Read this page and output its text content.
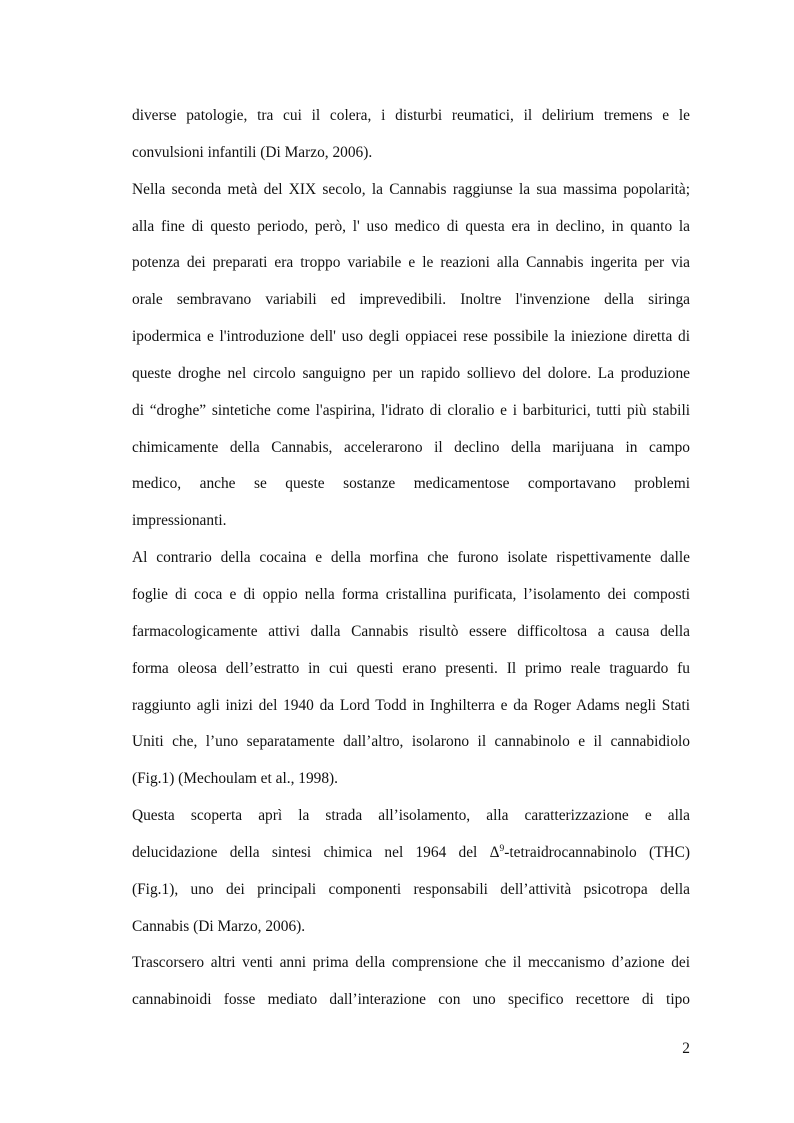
diverse patologie, tra cui il colera, i disturbi reumatici, il delirium tremens e le
convulsioni infantili (Di Marzo, 2006).
Nella seconda metà del XIX secolo, la Cannabis raggiunse la sua massima popolarità;
alla fine di questo periodo, però, l' uso medico di questa era in declino, in quanto la
potenza dei preparati era troppo variabile e le reazioni alla Cannabis ingerita per via
orale sembravano variabili ed imprevedibili. Inoltre l'invenzione della siringa
ipodermica e l'introduzione dell' uso degli oppiacei rese possibile la iniezione diretta di
queste droghe nel circolo sanguigno per un rapido sollievo del dolore. La produzione
di “droghe” sintetiche come l'aspirina, l'idrato di cloralio e i barbiturici, tutti più stabili
chimicamente della Cannabis, accelerarono il declino della marijuana in campo
medico, anche se queste sostanze medicamentose comportavano problemi
impressionanti.
Al contrario della cocaina e della morfina che furono isolate rispettivamente dalle
foglie di coca e di oppio nella forma cristallina purificata, l’isolamento dei composti
farmacologicamente attivi dalla Cannabis risultò essere difficoltosa a causa della
forma oleosa dell’estratto in cui questi erano presenti. Il primo reale traguardo fu
raggiunto agli inizi del 1940 da Lord Todd in Inghilterra e da Roger Adams negli Stati
Uniti che, l’uno separatamente dall’altro, isolarono il cannabinolo e il cannabidiolo
(Fig.1) (Mechoulam et al., 1998).
Questa scoperta aprì la strada all’isolamento, alla caratterizzazione e alla
delucidazione della sintesi chimica nel 1964 del $\Delta^9$-tetraidrocannabinolo (THC)
(Fig.1), uno dei principali componenti responsabili dell’attività psicotropa della
Cannabis (Di Marzo, 2006).
Trascorsero altri venti anni prima della comprensione che il meccanismo d’azione dei
cannabinoidi fosse mediato dall’interazione con uno specifico recettore di tipo
2
